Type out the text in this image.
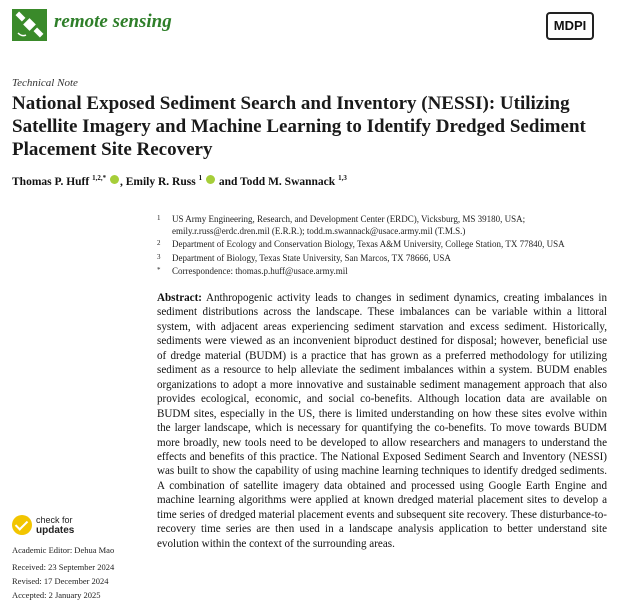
remote sensing	MDPI
Technical Note
National Exposed Sediment Search and Inventory (NESSI): Utilizing Satellite Imagery and Machine Learning to Identify Dredged Sediment Placement Site Recovery
Thomas P. Huff $^{1,2,*}$ , Emily R. Russ $^1$  and Todd M. Swannack $^{1,3}$
1 US Army Engineering, Research, and Development Center (ERDC), Vicksburg, MS 39180, USA; emily.r.russ@erdc.dren.mil (E.R.R.); todd.m.swannack@usace.army.mil (T.M.S.)
2 Department of Ecology and Conservation Biology, Texas A&M University, College Station, TX 77840, USA
3 Department of Biology, Texas State University, San Marcos, TX 78666, USA
* Correspondence: thomas.p.huff@usace.army.mil
Abstract: Anthropogenic activity leads to changes in sediment dynamics, creating imbalances in sediment distributions across the landscape. These imbalances can be variable within a littoral system, with adjacent areas experiencing sediment starvation and excess sediment. Historically, sediments were viewed as an inconvenient biproduct destined for disposal; however, beneficial use of dredge material (BUDM) is a practice that has grown as a preferred methodology for utilizing sediment as a resource to help alleviate the sediment imbalances within a system. BUDM enables organizations to adopt a more innovative and sustainable sediment management approach that also provides ecological, economic, and social co-benefits. Although location data are available on BUDM sites, especially in the US, there is limited understanding on how these sites evolve within the larger landscape, which is necessary for quantifying the co-benefits. To move towards BUDM more broadly, new tools need to be developed to allow researchers and managers to understand the effects and benefits of this practice. The National Exposed Sediment Search and Inventory (NESSI) was built to show the capability of using machine learning techniques to identify dredged sediments. A combination of satellite imagery data obtained and processed using Google Earth Engine and machine learning algorithms were applied at known dredged material placement sites to develop a time series of dredged material placement events and subsequent site recovery. These disturbance-to-recovery time series are then used in a landscape analysis application to better understand site evolution within the context of the surrounding areas.
check for
updates
Academic Editor: Dehua Mao
Received: 23 September 2024
Revised: 17 December 2024
Accepted: 2 January 2025
